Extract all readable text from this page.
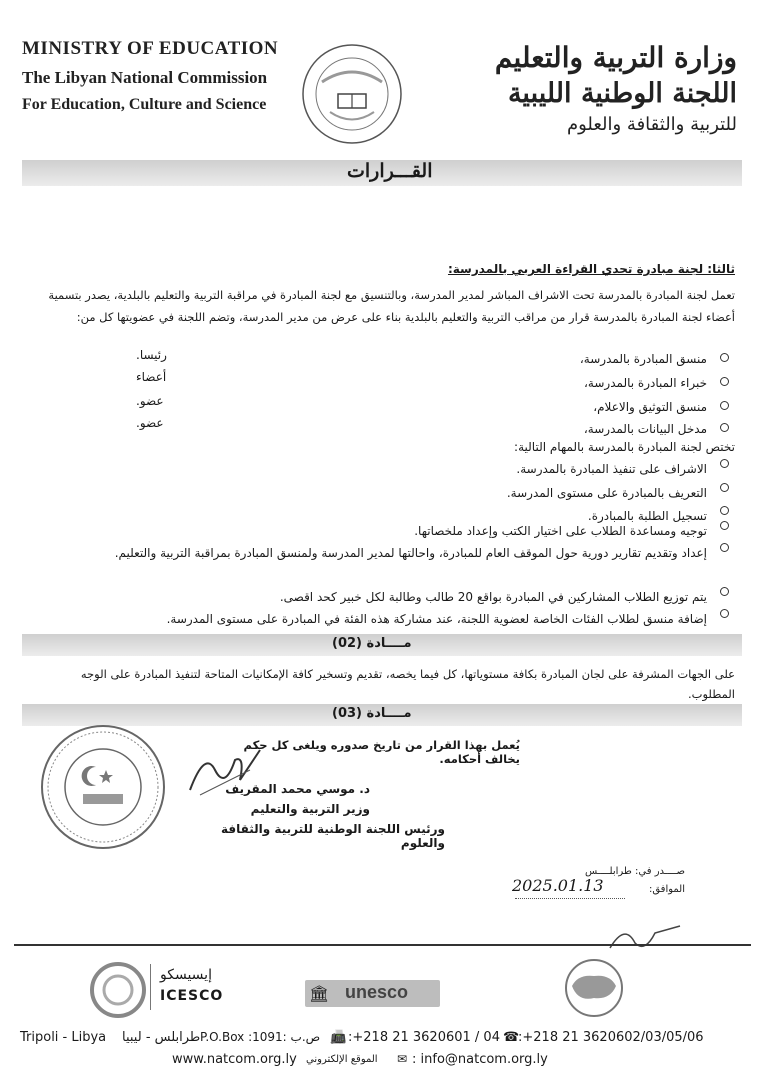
MINISTRY OF EDUCATION
The Libyan National Commission
For Education, Culture and Science
وزارة التربية والتعليم
اللجنة الوطنية الليبية
للتربية والثقافة والعلوم
القـــرارات
ثالثا: لجنة مبادرة تحدي القراءة العربي بالمدرسة:
تعمل لجنة المبادرة بالمدرسة تحت الاشراف المباشر لمدير المدرسة، وبالتنسيق مع لجنة المبادرة في مراقبة التربية والتعليم بالبلدية، يصدر بتسمية أعضاء لجنة المبادرة بالمدرسة قرار من مراقب التربية والتعليم بالبلدية بناء على عرض من مدير المدرسة، وتضم اللجنة في عضويتها كل من:
منسق المبادرة بالمدرسة،
رئيسا.
خبراء المبادرة بالمدرسة،
أعضاء
منسق التوثيق والاعلام،
عضو.
مدخل البيانات بالمدرسة،
عضو.
تختص لجنة المبادرة بالمدرسة بالمهام التالية:
الاشراف على تنفيذ المبادرة بالمدرسة.
التعريف بالمبادرة على مستوى المدرسة.
تسجيل الطلبة بالمبادرة.
توجيه ومساعدة الطلاب على اختيار الكتب وإعداد ملخصاتها.
إعداد وتقديم تقارير دورية حول الموقف العام للمبادرة، واحالتها لمدير المدرسة ولمنسق المبادرة بمراقبة التربية والتعليم.
يتم توزيع الطلاب المشاركين في المبادرة بواقع 20 طالب وطالبة لكل خبير كحد اقصى.
إضافة منسق لطلاب الفئات الخاصة لعضوية اللجنة، عند مشاركة هذه الفئة في المبادرة على مستوى المدرسة.
مــــادة (02)
على الجهات المشرفة على لجان المبادرة بكافة مستوياتها، كل فيما يخصه، تقديم وتسخير كافة الإمكانيات المتاحة لتنفيذ المبادرة على الوجه المطلوب.
مــــادة (03)
يُعمل بهذا القرار من تاريخ صدوره ويلغى كل حكم يخالف أحكامه.
د. موسي محمد المقريف
وزير التربية والتعليم
ورئيس اللجنة الوطنية للتربية والثقافة والعلوم
صــــدر في: طرابلــــس
الموافق:
2025.01.13
إيسيسكو
ICESCO	🏛 unesco
Tripoli - Libya طرابلس - ليبيا P.O.Box :1091: ص.ب 📠 :+218 21 3620601 / 04 ☎
:+218 21 3620602/03/05/06
www.natcom.org.ly الموقع الإلكتروني ✉ : info@natcom.org.ly
